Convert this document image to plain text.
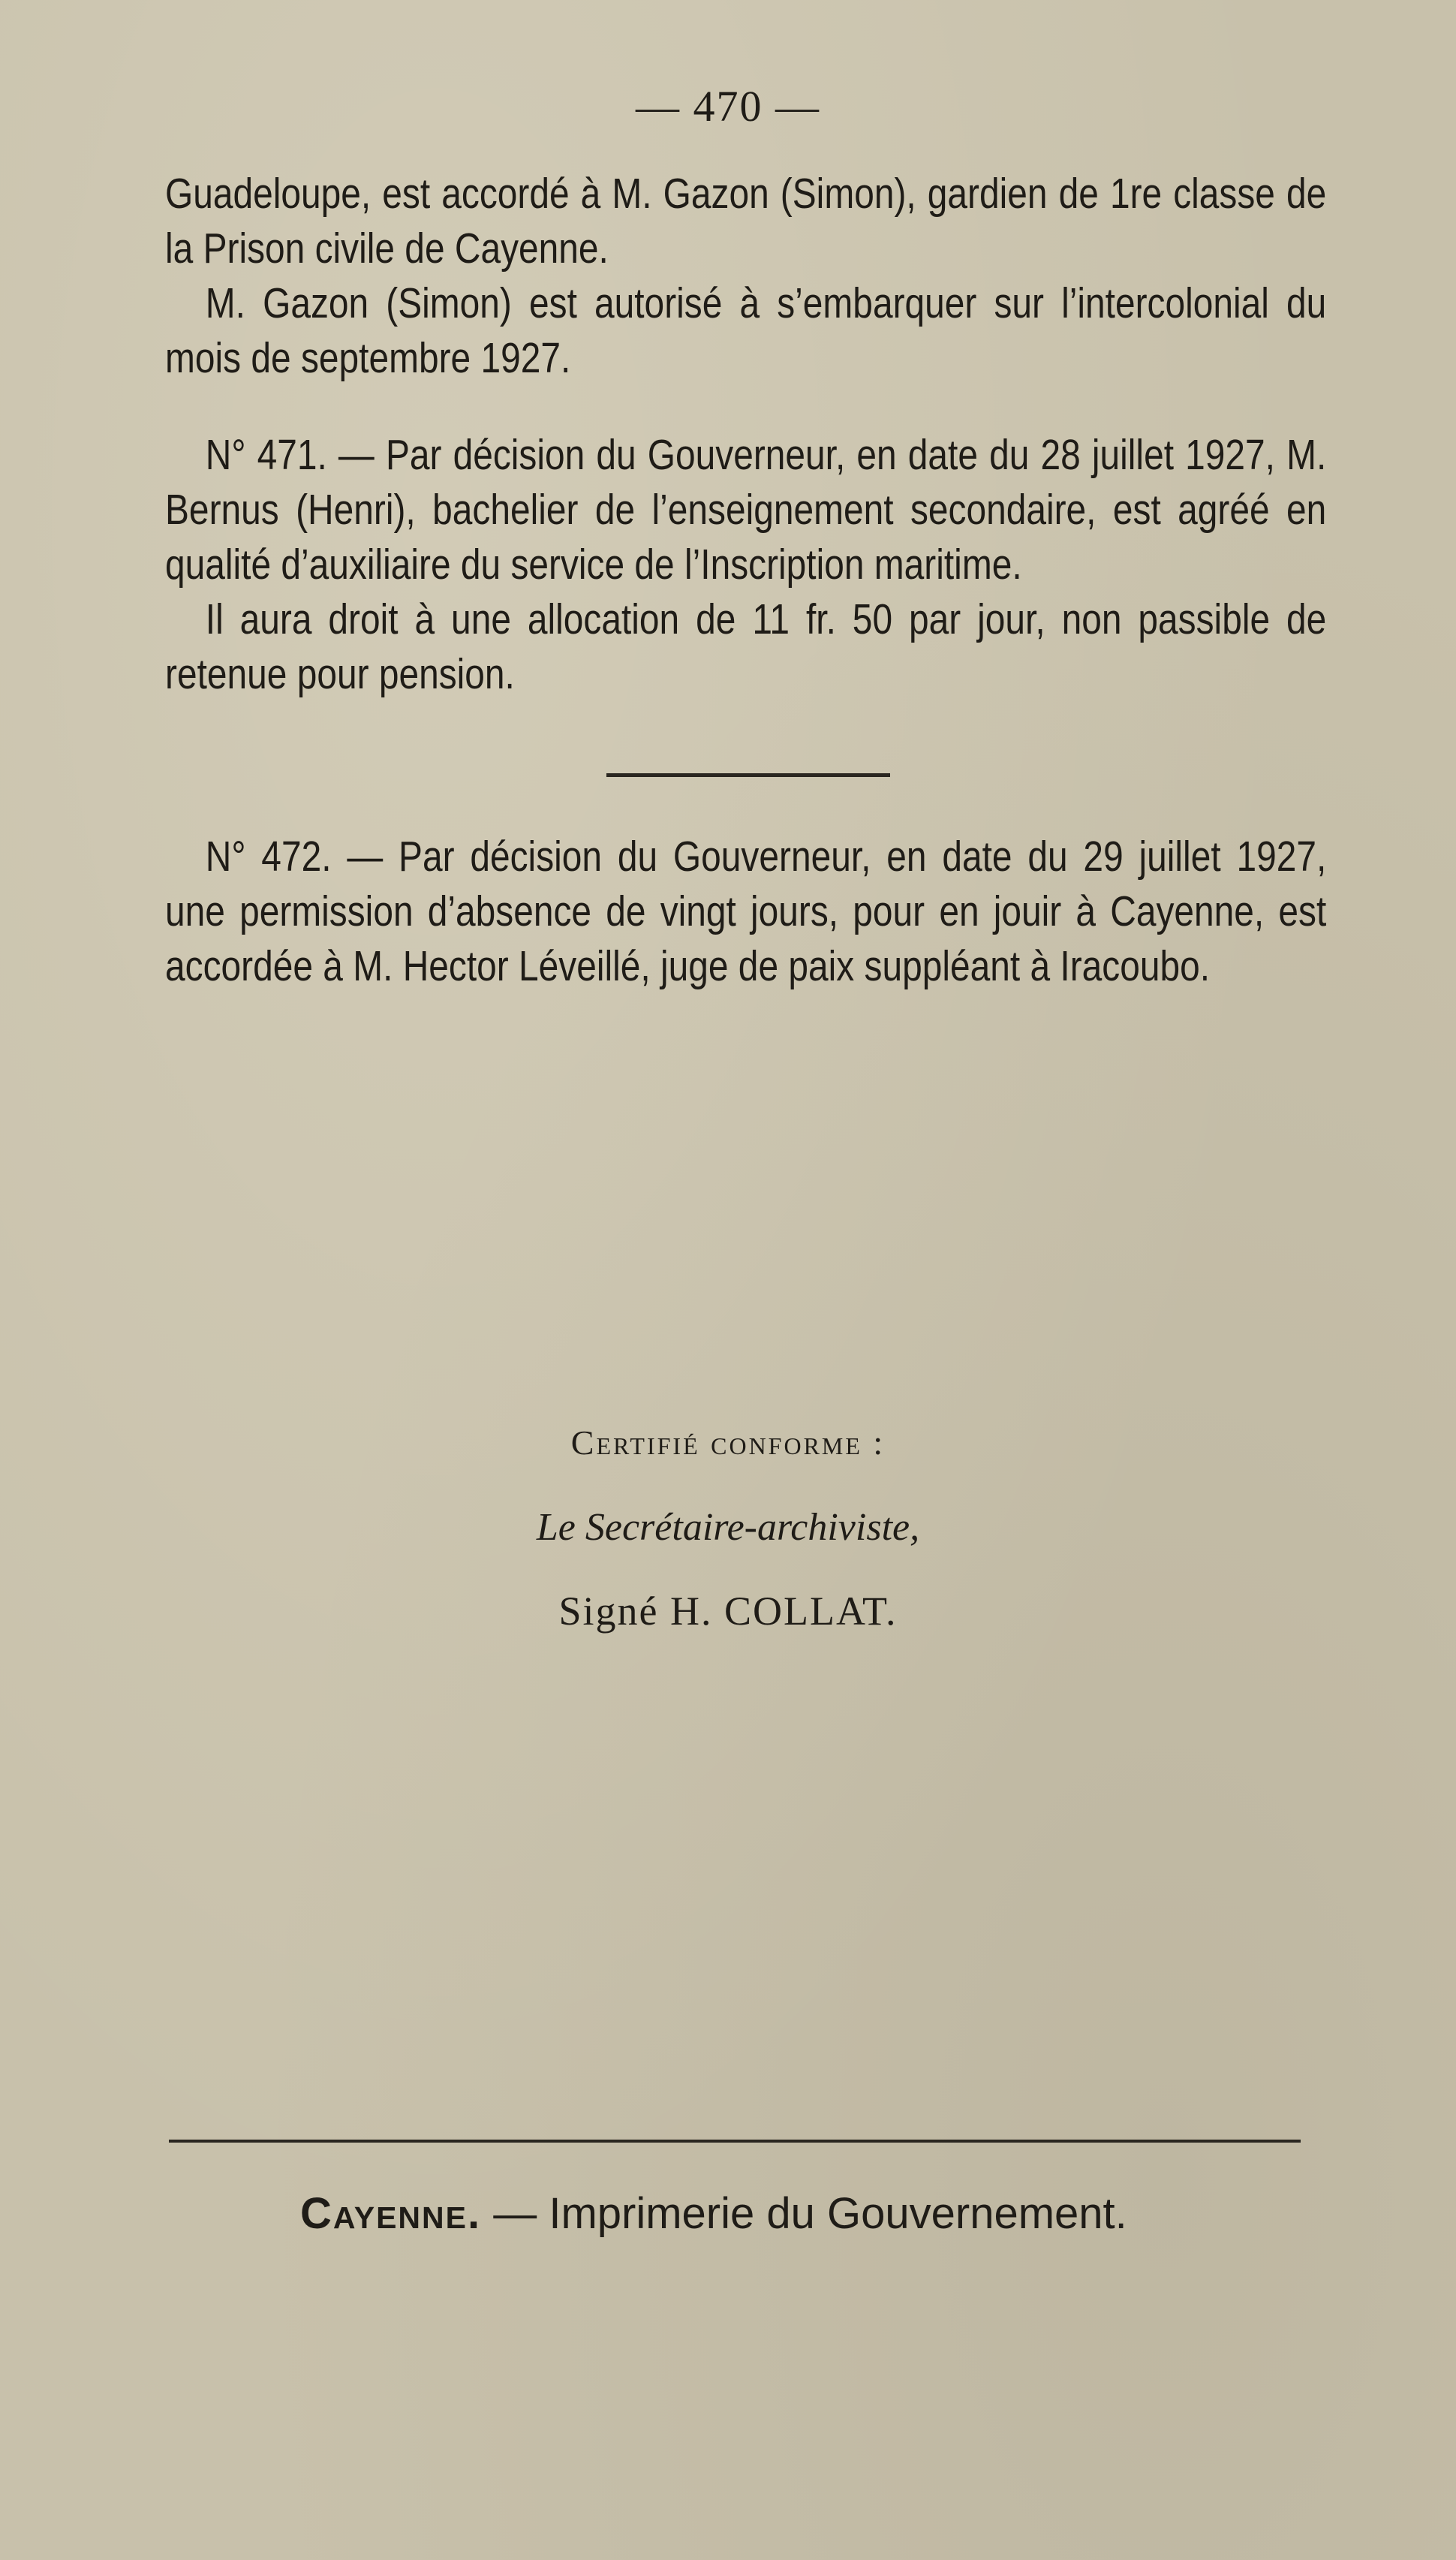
— 470 —

Guadeloupe, est accordé à M. Gazon (Simon), gardien de 1re classe de la Prison civile de Cayenne.

M. Gazon (Simon) est autorisé à s’embarquer sur l’intercolonial du mois de septembre 1927.

N° 471. — Par décision du Gouverneur, en date du 28 juillet 1927, M. Bernus (Henri), bachelier de l’enseignement secondaire, est agréé en qualité d’auxiliaire du service de l’Inscription maritime.

Il aura droit à une allocation de 11 fr. 50 par jour, non passible de retenue pour pension.

N° 472. — Par décision du Gouverneur, en date du 29 juillet 1927, une permission d’absence de vingt jours, pour en jouir à Cayenne, est accordée à M. Hector Léveillé, juge de paix suppléant à Iracoubo.

Certifié conforme :
Le Secrétaire-archiviste,
Signé H. COLLAT.
Cayenne. — Imprimerie du Gouvernement.
